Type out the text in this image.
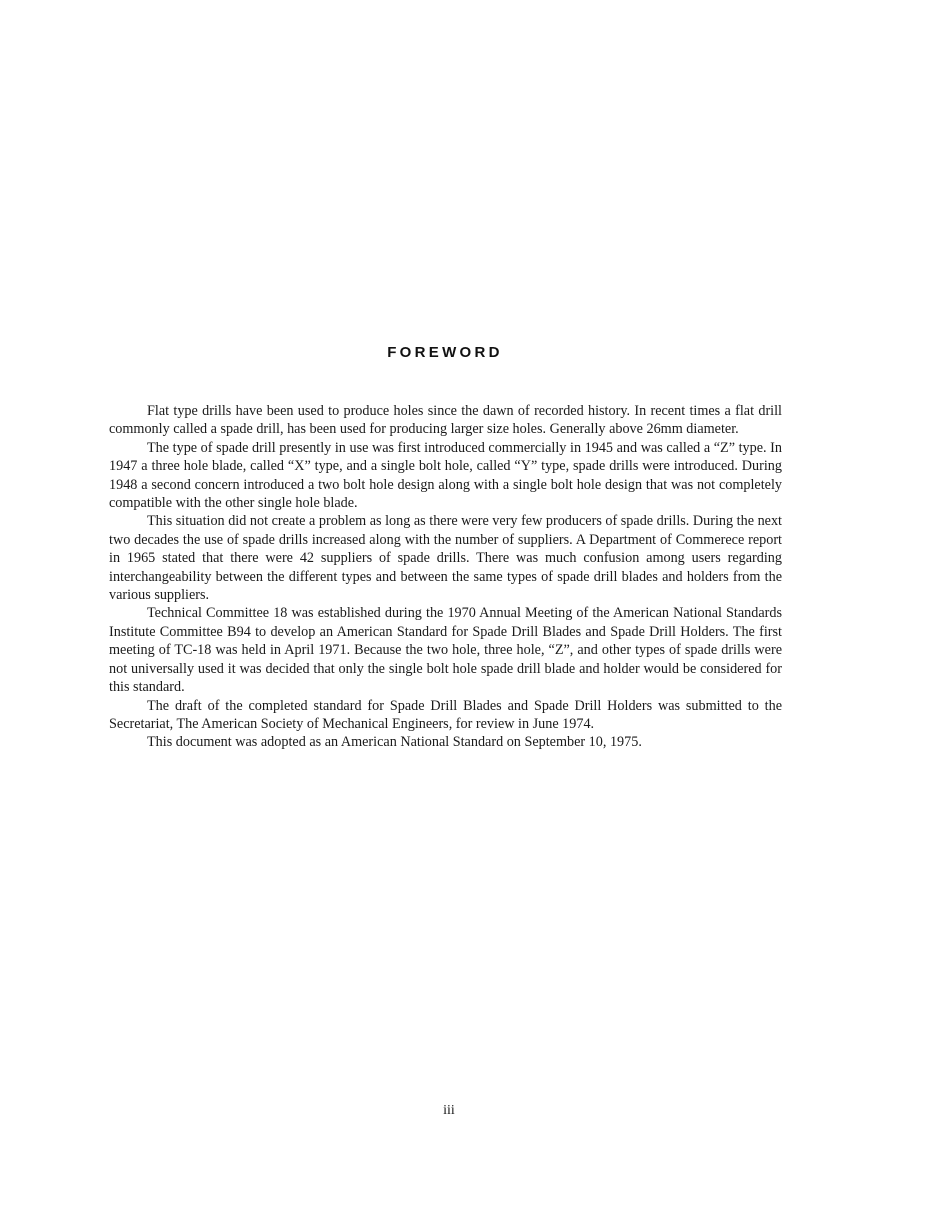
FOREWORD

Flat type drills have been used to produce holes since the dawn of recorded history. In recent times a flat drill commonly called a spade drill, has been used for producing larger size holes. Generally above 26mm diameter.

The type of spade drill presently in use was first introduced commercially in 1945 and was called a “Z” type. In 1947 a three hole blade, called “X” type, and a single bolt hole, called “Y” type, spade drills were introduced. During 1948 a second concern introduced a two bolt hole design along with a single bolt hole design that was not completely compatible with the other single hole blade.

This situation did not create a problem as long as there were very few producers of spade drills. During the next two decades the use of spade drills increased along with the number of suppliers. A Department of Commerece report in 1965 stated that there were 42 suppliers of spade drills. There was much confusion among users regarding interchangeability between the different types and between the same types of spade drill blades and holders from the various suppliers.

Technical Committee 18 was established during the 1970 Annual Meeting of the American National Standards Institute Committee B94 to develop an American Standard for Spade Drill Blades and Spade Drill Holders. The first meeting of TC-18 was held in April 1971. Because the two hole, three hole, “Z”, and other types of spade drills were not universally used it was decided that only the single bolt hole spade drill blade and holder would be considered for this standard.

The draft of the completed standard for Spade Drill Blades and Spade Drill Holders was submitted to the Secretariat, The American Society of Mechanical Engineers, for review in June 1974.

This document was adopted as an American National Standard on September 10, 1975.

iii
